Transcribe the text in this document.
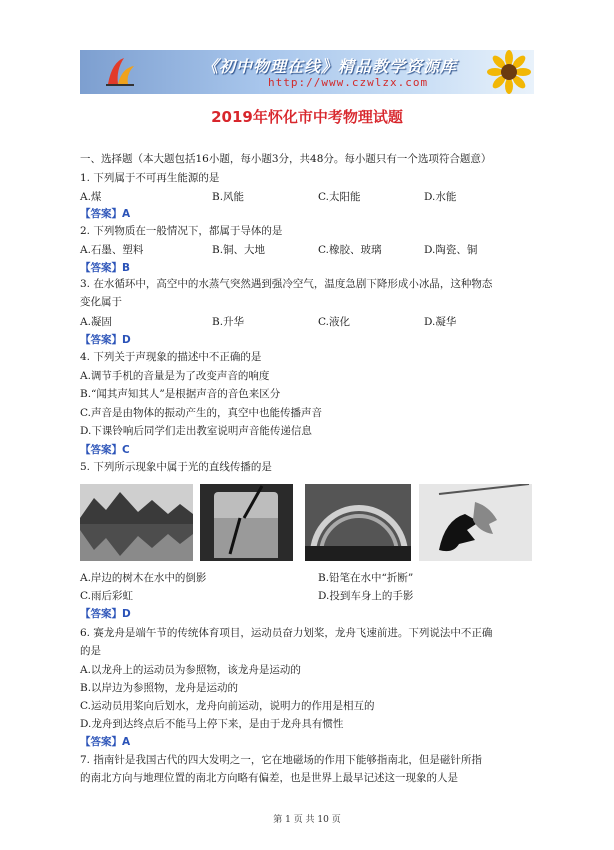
《初中物理在线》精品教学资源库
http://www.czwlzx.com
2019年怀化市中考物理试题
一、选择题（本大题包括16小题，每小题3分，共48分。每小题只有一个选项符合题意）
1. 下列属于不可再生能源的是
A.煤	B.风能	C.太阳能	D.水能
【答案】A
2. 下列物质在一般情况下，都属于导体的是
A.石墨、塑料	B.铜、大地	C.橡胶、玻璃	D.陶瓷、铜
【答案】B
3. 在水循环中，高空中的水蒸气突然遇到强冷空气，温度急剧下降形成小冰晶，这种物态
变化属于
A.凝固	B.升华	C.液化	D.凝华
【答案】D
4. 下列关于声现象的描述中不正确的是
A.调节手机的音量是为了改变声音的响度
B.“闻其声知其人”是根据声音的音色来区分
C.声音是由物体的振动产生的，真空中也能传播声音
D.下课铃响后同学们走出教室说明声音能传递信息
【答案】C
5. 下列所示现象中属于光的直线传播的是
A.岸边的树木在水中的倒影	B.铅笔在水中“折断”
C.雨后彩虹	D.投到车身上的手影
【答案】D
6. 赛龙舟是端午节的传统体育项目，运动员奋力划桨，龙舟飞速前进。下列说法中不正确
的是
A.以龙舟上的运动员为参照物，该龙舟是运动的
B.以岸边为参照物，龙舟是运动的
C.运动员用桨向后划水，龙舟向前运动，说明力的作用是相互的
D.龙舟到达终点后不能马上停下来，是由于龙舟具有惯性
【答案】A
7. 指南针是我国古代的四大发明之一，它在地磁场的作用下能够指南北，但是磁针所指
的南北方向与地理位置的南北方向略有偏差，也是世界上最早记述这一现象的人是
第 1 页 共 10 页
